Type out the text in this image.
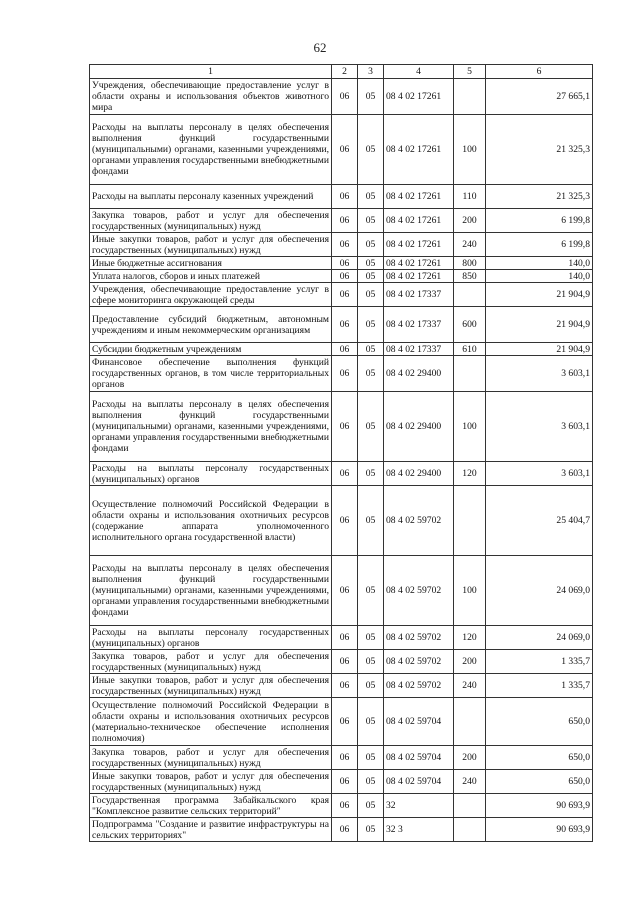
62
1	2	3	4	5	6
Учреждения, обеспечивающие предоставление услуг в области охраны и использования объектов животного мира	06	05	08 4 02 17261		27 665,1
Расходы на выплаты персоналу в целях обеспечения выполнения функций государственными (муниципальными) органами, казенными учреждениями, органами управления государственными внебюджетными фондами	06	05	08 4 02 17261	100	21 325,3
Расходы на выплаты персоналу казенных учреждений	06	05	08 4 02 17261	110	21 325,3
Закупка товаров, работ и услуг для обеспечения государственных (муниципальных) нужд	06	05	08 4 02 17261	200	6 199,8
Иные закупки товаров, работ и услуг для обеспечения государственных (муниципальных) нужд	06	05	08 4 02 17261	240	6 199,8
Иные бюджетные ассигнования	06	05	08 4 02 17261	800	140,0
Уплата налогов, сборов и иных платежей	06	05	08 4 02 17261	850	140,0
Учреждения, обеспечивающие предоставление услуг в сфере мониторинга окружающей среды	06	05	08 4 02 17337		21 904,9
Предоставление субсидий бюджетным, автономным учреждениям и иным некоммерческим организациям	06	05	08 4 02 17337	600	21 904,9
Субсидии бюджетным учреждениям	06	05	08 4 02 17337	610	21 904,9
Финансовое обеспечение выполнения функций государственных органов, в том числе территориальных органов	06	05	08 4 02 29400		3 603,1
Расходы на выплаты персоналу в целях обеспечения выполнения функций государственными (муниципальными) органами, казенными учреждениями, органами управления государственными внебюджетными фондами	06	05	08 4 02 29400	100	3 603,1
Расходы на выплаты персоналу государственных (муниципальных) органов	06	05	08 4 02 29400	120	3 603,1
Осуществление полномочий Российской Федерации в области охраны и использования охотничьих ресурсов (содержание аппарата уполномоченного исполнительного органа государственной власти)	06	05	08 4 02 59702		25 404,7
Расходы на выплаты персоналу в целях обеспечения выполнения функций государственными (муниципальными) органами, казенными учреждениями, органами управления государственными внебюджетными фондами	06	05	08 4 02 59702	100	24 069,0
Расходы на выплаты персоналу государственных (муниципальных) органов	06	05	08 4 02 59702	120	24 069,0
Закупка товаров, работ и услуг для обеспечения государственных (муниципальных) нужд	06	05	08 4 02 59702	200	1 335,7
Иные закупки товаров, работ и услуг для обеспечения государственных (муниципальных) нужд	06	05	08 4 02 59702	240	1 335,7
Осуществление полномочий Российской Федерации в области охраны и использования охотничьих ресурсов (материально-техническое обеспечение исполнения полномочия)	06	05	08 4 02 59704		650,0
Закупка товаров, работ и услуг для обеспечения государственных (муниципальных) нужд	06	05	08 4 02 59704	200	650,0
Иные закупки товаров, работ и услуг для обеспечения государственных (муниципальных) нужд	06	05	08 4 02 59704	240	650,0
Государственная программа Забайкальского края "Комплексное развитие сельских территорий"	06	05	32		90 693,9
Подпрограмма "Создание и развитие инфраструктуры на сельских территориях"	06	05	32 3		90 693,9
